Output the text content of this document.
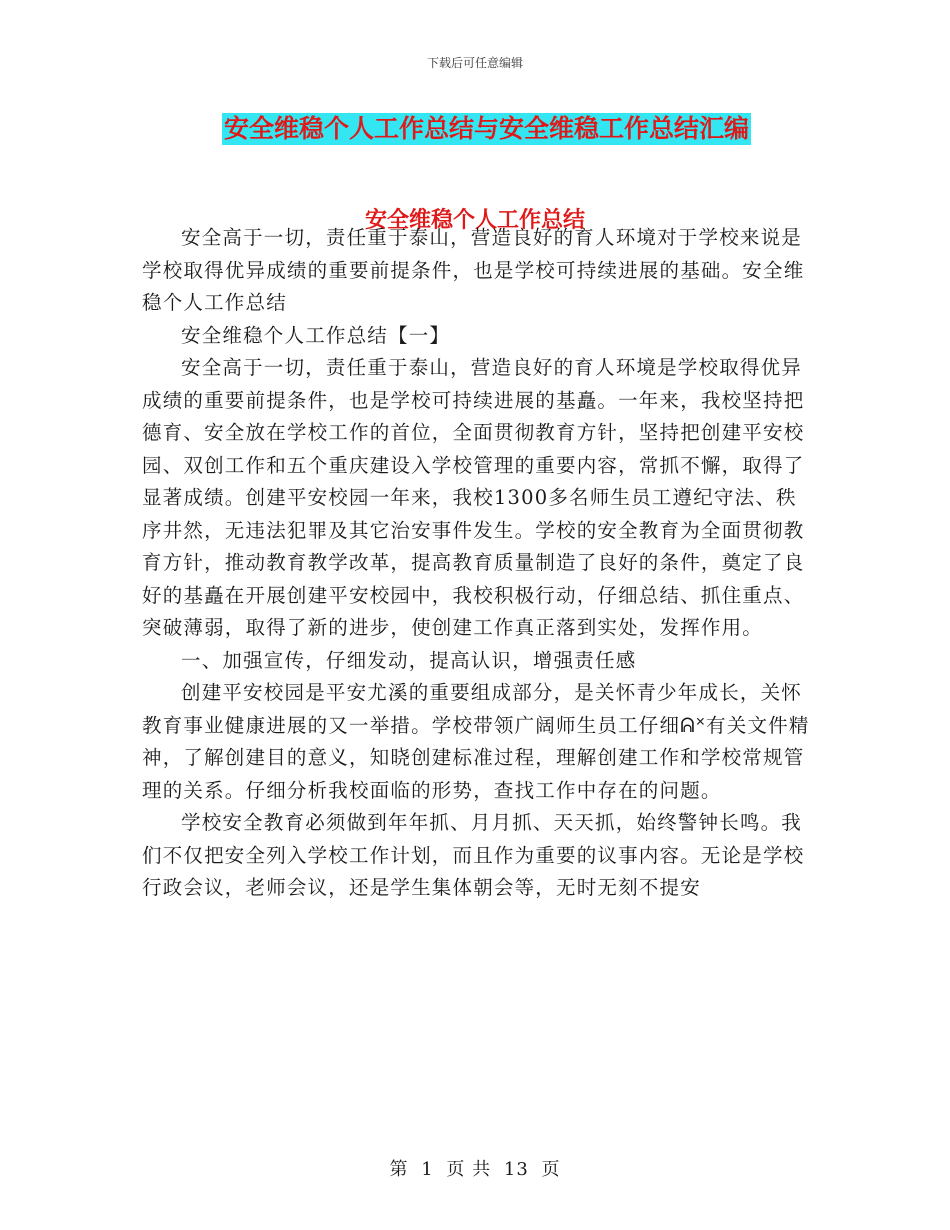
下载后可任意编辑
安全维稳个人工作总结与安全维稳工作总结汇编
安全维稳个人工作总结

安全高于一切，责任重于泰山，营造良好的育人环境对于学校来说是学校取得优异成绩的重要前提条件，也是学校可持续进展的基础。安全维稳个人工作总结

安全维稳个人工作总结【一】

安全高于一切，责任重于泰山，营造良好的育人环境是学校取得优异成绩的重要前提条件，也是学校可持续进展的基矗。一年来，我校坚持把德育、安全放在学校工作的首位，全面贯彻教育方针，坚持把创建平安校园、双创工作和五个重庆建设入学校管理的重要内容，常抓不懈，取得了显著成绩。创建平安校园一年来，我校1300多名师生员工遵纪守法、秩序井然，无违法犯罪及其它治安事件发生。学校的安全教育为全面贯彻教育方针，推动教育教学改革，提高教育质量制造了良好的条件，奠定了良好的基矗在开展创建平安校园中，我校积极行动，仔细总结、抓住重点、突破薄弱，取得了新的进步，使创建工作真正落到实处，发挥作用。

一、加强宣传，仔细发动，提高认识，增强责任感

创建平安校园是平安尤溪的重要组成部分，是关怀青少年成长，关怀教育事业健康进展的又一举措。学校带领广阔师生员工仔细ᕱᕽ有关文件精神，了解创建目的意义，知晓创建标准过程，理解创建工作和学校常规管理的关系。仔细分析我校面临的形势，查找工作中存在的问题。

学校安全教育必须做到年年抓、月月抓、天天抓，始终警钟长鸣。我们不仅把安全列入学校工作计划，而且作为重要的议事内容。无论是学校行政会议，老师会议，还是学生集体朝会等，无时无刻不提安

第 1 页 共 13 页
